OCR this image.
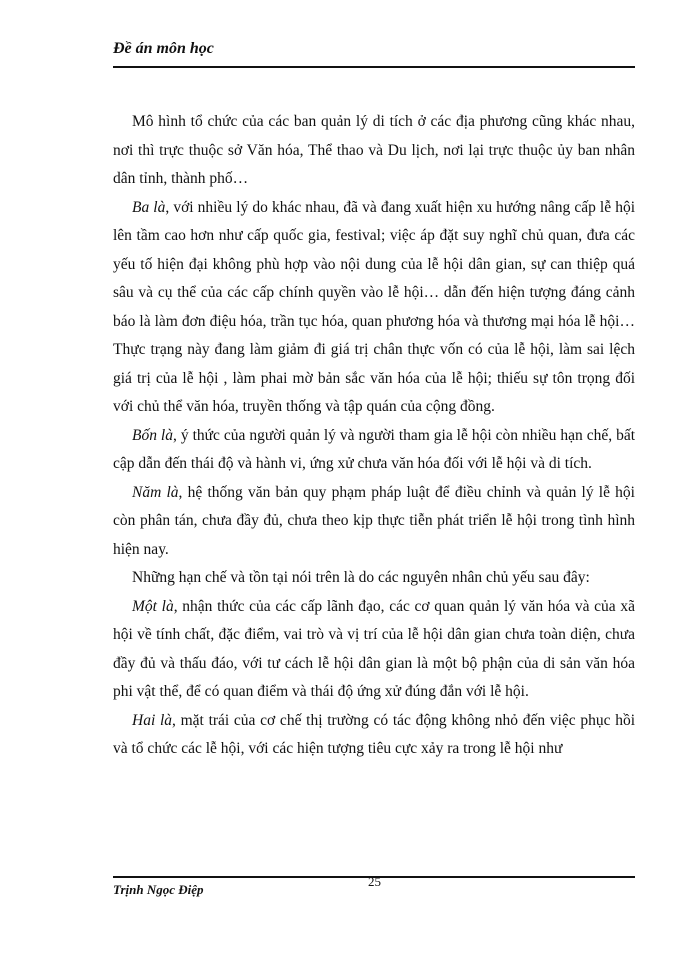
Đề án môn học

Mô hình tổ chức của các ban quản lý di tích ở các địa phương cũng khác nhau, nơi thì trực thuộc sở Văn hóa, Thể thao và Du lịch, nơi lại trực thuộc ủy ban nhân dân tỉnh, thành phố…

Ba là, với nhiều lý do khác nhau, đã và đang xuất hiện xu hướng nâng cấp lễ hội lên tầm cao hơn như cấp quốc gia, festival; việc áp đặt suy nghĩ chủ quan, đưa các yếu tố hiện đại không phù hợp vào nội dung của lễ hội dân gian, sự can thiệp quá sâu và cụ thể của các cấp chính quyền vào lễ hội… dẫn đến hiện tượng đáng cảnh báo là làm đơn điệu hóa, trần tục hóa, quan phương hóa và thương mại hóa lễ hội…Thực trạng này đang làm giảm đi giá trị chân thực vốn có của lễ hội, làm sai lệch giá trị của lễ hội , làm phai mờ bản sắc văn hóa của lễ hội; thiếu sự tôn trọng đối với chủ thể văn hóa, truyền thống và tập quán của cộng đồng.

Bốn là, ý thức của người quản lý và người tham gia lễ hội còn nhiều hạn chế, bất cập dẫn đến thái độ và hành vi, ứng xử chưa văn hóa đối với lễ hội và di tích.

Năm là, hệ thống văn bản quy phạm pháp luật để điều chỉnh và quản lý lễ hội còn phân tán, chưa đầy đủ, chưa theo kịp thực tiễn phát triển lễ hội trong tình hình hiện nay.

Những hạn chế và tồn tại nói trên là do các nguyên nhân chủ yếu sau đây:

Một là, nhận thức của các cấp lãnh đạo, các cơ quan quản lý văn hóa và của xã hội về tính chất, đặc điểm, vai trò và vị trí của lễ hội dân gian chưa toàn diện, chưa đầy đủ và thấu đáo, với tư cách lễ hội dân gian là một bộ phận của di sản văn hóa phi vật thể, để có quan điểm và thái độ ứng xử đúng đắn với lễ hội.

Hai là, mặt trái của cơ chế thị trường có tác động không nhỏ đến việc phục hồi và tổ chức các lễ hội, với các hiện tượng tiêu cực xảy ra trong lễ hội như

Trịnh Ngọc Điệp
25
